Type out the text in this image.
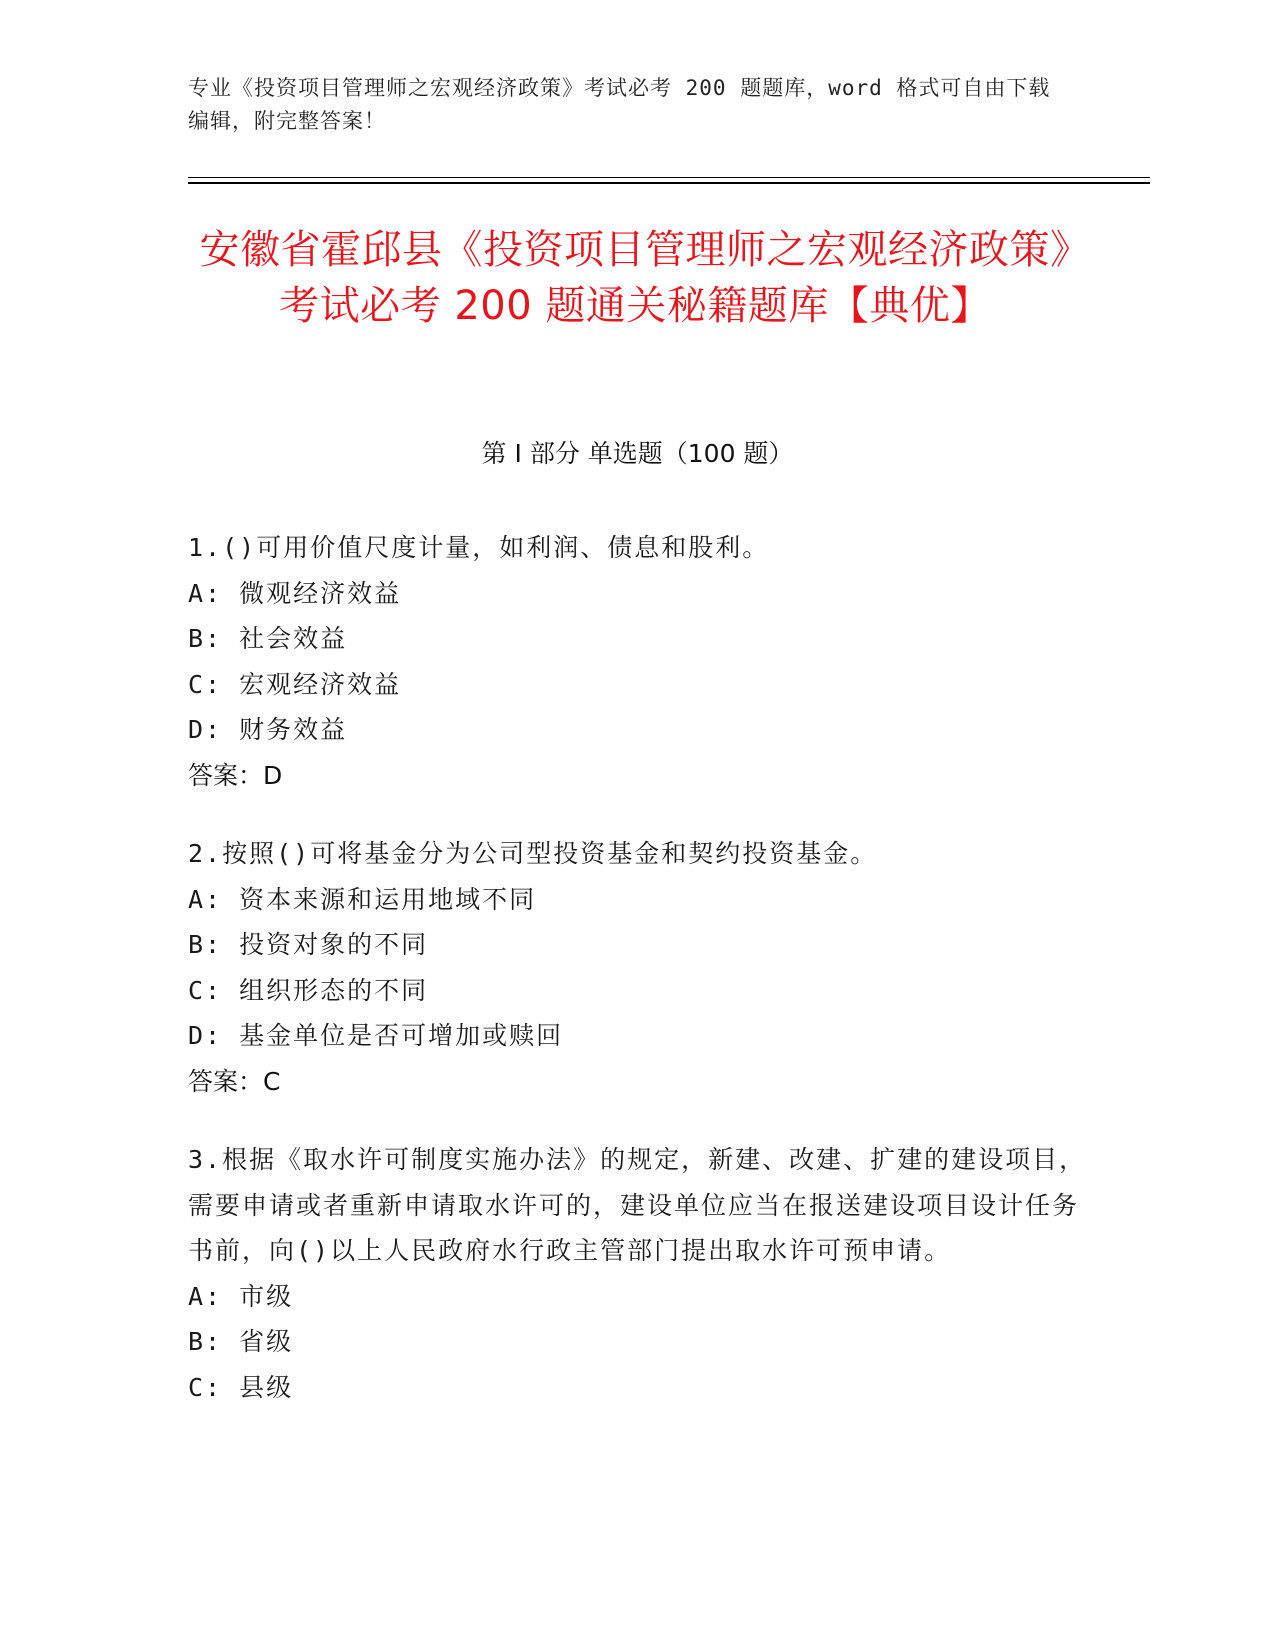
专业《投资项目管理师之宏观经济政策》考试必考 200 题题库，word 格式可自由下载编辑，附完整答案！

安徽省霍邱县《投资项目管理师之宏观经济政策》考试必考 200 题通关秘籍题库【典优】
第 I 部分 单选题（100 题）

1.()可用价值尺度计量，如利润、债息和股利。

A: 微观经济效益

B: 社会效益

C: 宏观经济效益

D: 财务效益

答案：D

2.按照()可将基金分为公司型投资基金和契约投资基金。

A: 资本来源和运用地域不同

B: 投资对象的不同

C: 组织形态的不同

D: 基金单位是否可增加或赎回

答案：C

3.根据《取水许可制度实施办法》的规定，新建、改建、扩建的建设项目，需要申请或者重新申请取水许可的，建设单位应当在报送建设项目设计任务书前，向()以上人民政府水行政主管部门提出取水许可预申请。

A: 市级

B: 省级

C: 县级
